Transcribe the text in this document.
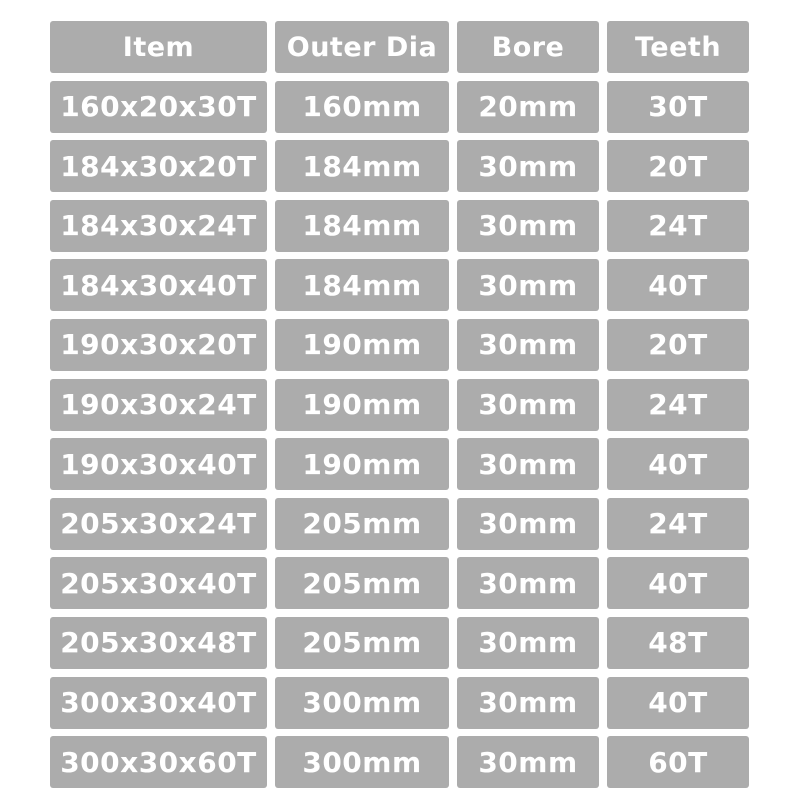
Item	Outer Dia	Bore	Teeth
160x20x30T	160mm	20mm	30T
184x30x20T	184mm	30mm	20T
184x30x24T	184mm	30mm	24T
184x30x40T	184mm	30mm	40T
190x30x20T	190mm	30mm	20T
190x30x24T	190mm	30mm	24T
190x30x40T	190mm	30mm	40T
205x30x24T	205mm	30mm	24T
205x30x40T	205mm	30mm	40T
205x30x48T	205mm	30mm	48T
300x30x40T	300mm	30mm	40T
300x30x60T	300mm	30mm	60T
